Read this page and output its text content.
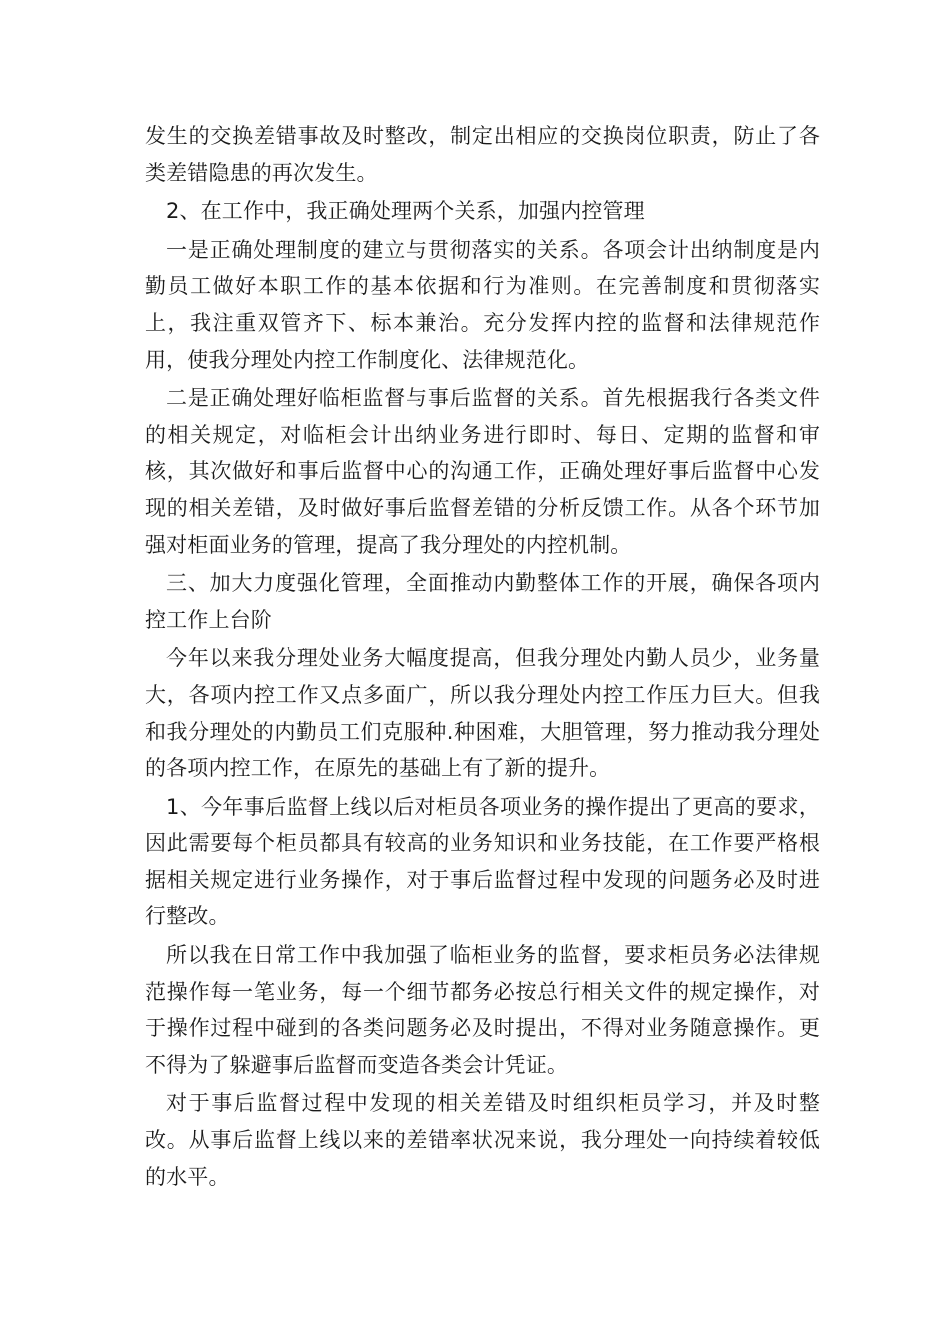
发生的交换差错事故及时整改，制定出相应的交换岗位职责，防止了各类差错隐患的再次发生。

2、在工作中，我正确处理两个关系，加强内控管理

一是正确处理制度的建立与贯彻落实的关系。各项会计出纳制度是内勤员工做好本职工作的基本依据和行为准则。在完善制度和贯彻落实上，我注重双管齐下、标本兼治。充分发挥内控的监督和法律规范作用，使我分理处内控工作制度化、法律规范化。

二是正确处理好临柜监督与事后监督的关系。首先根据我行各类文件的相关规定，对临柜会计出纳业务进行即时、每日、定期的监督和审核，其次做好和事后监督中心的沟通工作，正确处理好事后监督中心发现的相关差错，及时做好事后监督差错的分析反馈工作。从各个环节加强对柜面业务的管理，提高了我分理处的内控机制。

三、加大力度强化管理，全面推动内勤整体工作的开展，确保各项内控工作上台阶

今年以来我分理处业务大幅度提高，但我分理处内勤人员少，业务量大，各项内控工作又点多面广，所以我分理处内控工作压力巨大。但我和我分理处的内勤员工们克服种.种困难，大胆管理，努力推动我分理处的各项内控工作，在原先的基础上有了新的提升。

1、今年事后监督上线以后对柜员各项业务的操作提出了更高的要求，因此需要每个柜员都具有较高的业务知识和业务技能，在工作要严格根据相关规定进行业务操作，对于事后监督过程中发现的问题务必及时进行整改。

所以我在日常工作中我加强了临柜业务的监督，要求柜员务必法律规范操作每一笔业务，每一个细节都务必按总行相关文件的规定操作，对于操作过程中碰到的各类问题务必及时提出，不得对业务随意操作。更不得为了躲避事后监督而变造各类会计凭证。

对于事后监督过程中发现的相关差错及时组织柜员学习，并及时整改。从事后监督上线以来的差错率状况来说，我分理处一向持续着较低的水平。
